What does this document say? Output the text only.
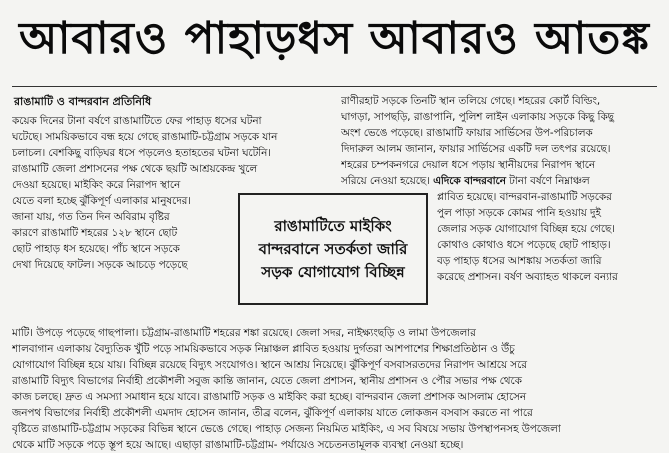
আবারও পাহাড়ধস আবারও আতঙ্ক
রাঙামাটি ও বান্দরবান প্রতিনিধি

কয়েক দিনের টানা বর্ষণে রাঙামাটিতে ফের পাহাড় ধসের ঘটনা

ঘটেছে। সাময়িকভাবে বন্ধ হয়ে গেছে রাঙামাটি-চট্টগ্রাম সড়কে যান

চলাচল। বেশকিছু বাড়িঘর ধসে পড়লেও হতাহতের ঘটনা ঘটেনি।

রাঙামাটি জেলা প্রশাসনের পক্ষ থেকে ছয়টি আশ্রয়কেন্দ্র খুলে

দেওয়া হয়েছে। মাইকিং করে নিরাপদ স্থানে

যেতে বলা হচ্ছে ঝুঁকিপূর্ণ এলাকার মানুষদের।

জানা যায়, গত তিন দিন অবিরাম বৃষ্টির

কারণে রাঙামাটি শহরের ১২৮ স্থানে ছোট

ছোট পাহাড় ধস হয়েছে। পাঁচ স্থানে সড়কে

দেখা দিয়েছে ফাটল। সড়কে আচড়ে পড়েছে

রাণীরহাট সড়কে তিনটি স্থান তলিয়ে গেছে। শহরের কোর্ট বিল্ডিং,

ঘাগড়া, সাপছড়ি, রাঙাপানি, পুলিশ লাইন এলাকায় সড়কে কিছু কিছু

অংশ ভেঙে পড়েছে। রাঙামাটি ফায়ার সার্ভিসের উপ-পরিচালক

দিদারুল আলম জানান, ফায়ার সার্ভিসের একটি দল তৎপর রয়েছে।

শহরের চম্পকনগরে দেয়াল ধসে পড়ায় স্থানীয়দের নিরাপদ স্থানে

সরিয়ে নেওয়া হয়েছে। এদিকে বান্দরবানে টানা বর্ষণে নিম্নাঞ্চল

প্লাবিত হয়েছে। বান্দরবান-রাঙামাটি সড়কের

পুল পাড়া সড়কে কোমর পানি হওয়ায় দুই

জেলার সড়ক যোগাযোগ বিচ্ছিন্ন হয়ে গেছে।

কোথাও কোথাও ধসে পড়েছে ছোট পাহাড়।

বড় পাহাড় ধসের আশঙ্কায় সতর্কতা জারি

করেছে প্রশাসন। বর্ষণ অব্যাহত থাকলে বন্যার

মাটি। উপড়ে পড়েছে গাছপালা। চট্টগ্রাম-রাঙামাটি শহরের শঙ্কা রয়েছে। জেলা সদর, নাইক্ষ্যংছড়ি ও লামা উপজেলার

শালবাগান এলাকায় বৈদ্যুতিক খুঁটি পড়ে সাময়িকভাবে সড়ক নিম্নাঞ্চল প্লাবিত হওয়ায় দুর্গতরা আশপাশের শিক্ষাপ্রতিষ্ঠান ও উঁচু

যোগাযোগ বিচ্ছিন্ন হয়ে যায়। বিচ্ছিন্ন রয়েছে বিদ্যুৎ সংযোগও। স্থানে আশ্রয় নিয়েছে। ঝুঁকিপূর্ণ বসবাসরতদের নিরাপদ আশ্রয়ে সরে

রাঙামাটি বিদ্যুৎ বিভাগের নির্বাহী প্রকৌশলী সবুজ কান্তি জানান, যেতে জেলা প্রশাসন, স্থানীয় প্রশাসন ও পৌর সভার পক্ষ থেকে

কাজ চলছে। দ্রুত এ সমস্যা সমাধান হয়ে যাবে। রাঙামাটি সড়ক ও মাইকিং করা হচ্ছে। বান্দরবান জেলা প্রশাসক আসলাম হোসেন

জনপথ বিভাগের নির্বাহী প্রকৌশলী এমদাদ হোসেন জানান, তীব্র বলেন, ঝুঁকিপূর্ণ এলাকায় যাতে লোকজন বসবাস করতে না পারে

বৃষ্টিতে রাঙামাটি-চট্টগ্রাম সড়কের বিভিন্ন স্থানে ভেঙে গেছে। পাহাড় সেজন্য নিয়মিত মাইকিং, এ সব বিষয়ে সভায় উপস্থাপনসহ উপজেলা

থেকে মাটি সড়কে পড়ে স্তূপ হয়ে আছে। এছাড়া রাঙামাটি-চট্টগ্রাম- পর্যায়েও সচেতনতামূলক ব্যবস্থা নেওয়া হচ্ছে।

রাঙামাটিতে মাইকিং
বান্দরবানে সতর্কতা জারি
সড়ক যোগাযোগ বিচ্ছিন্ন
